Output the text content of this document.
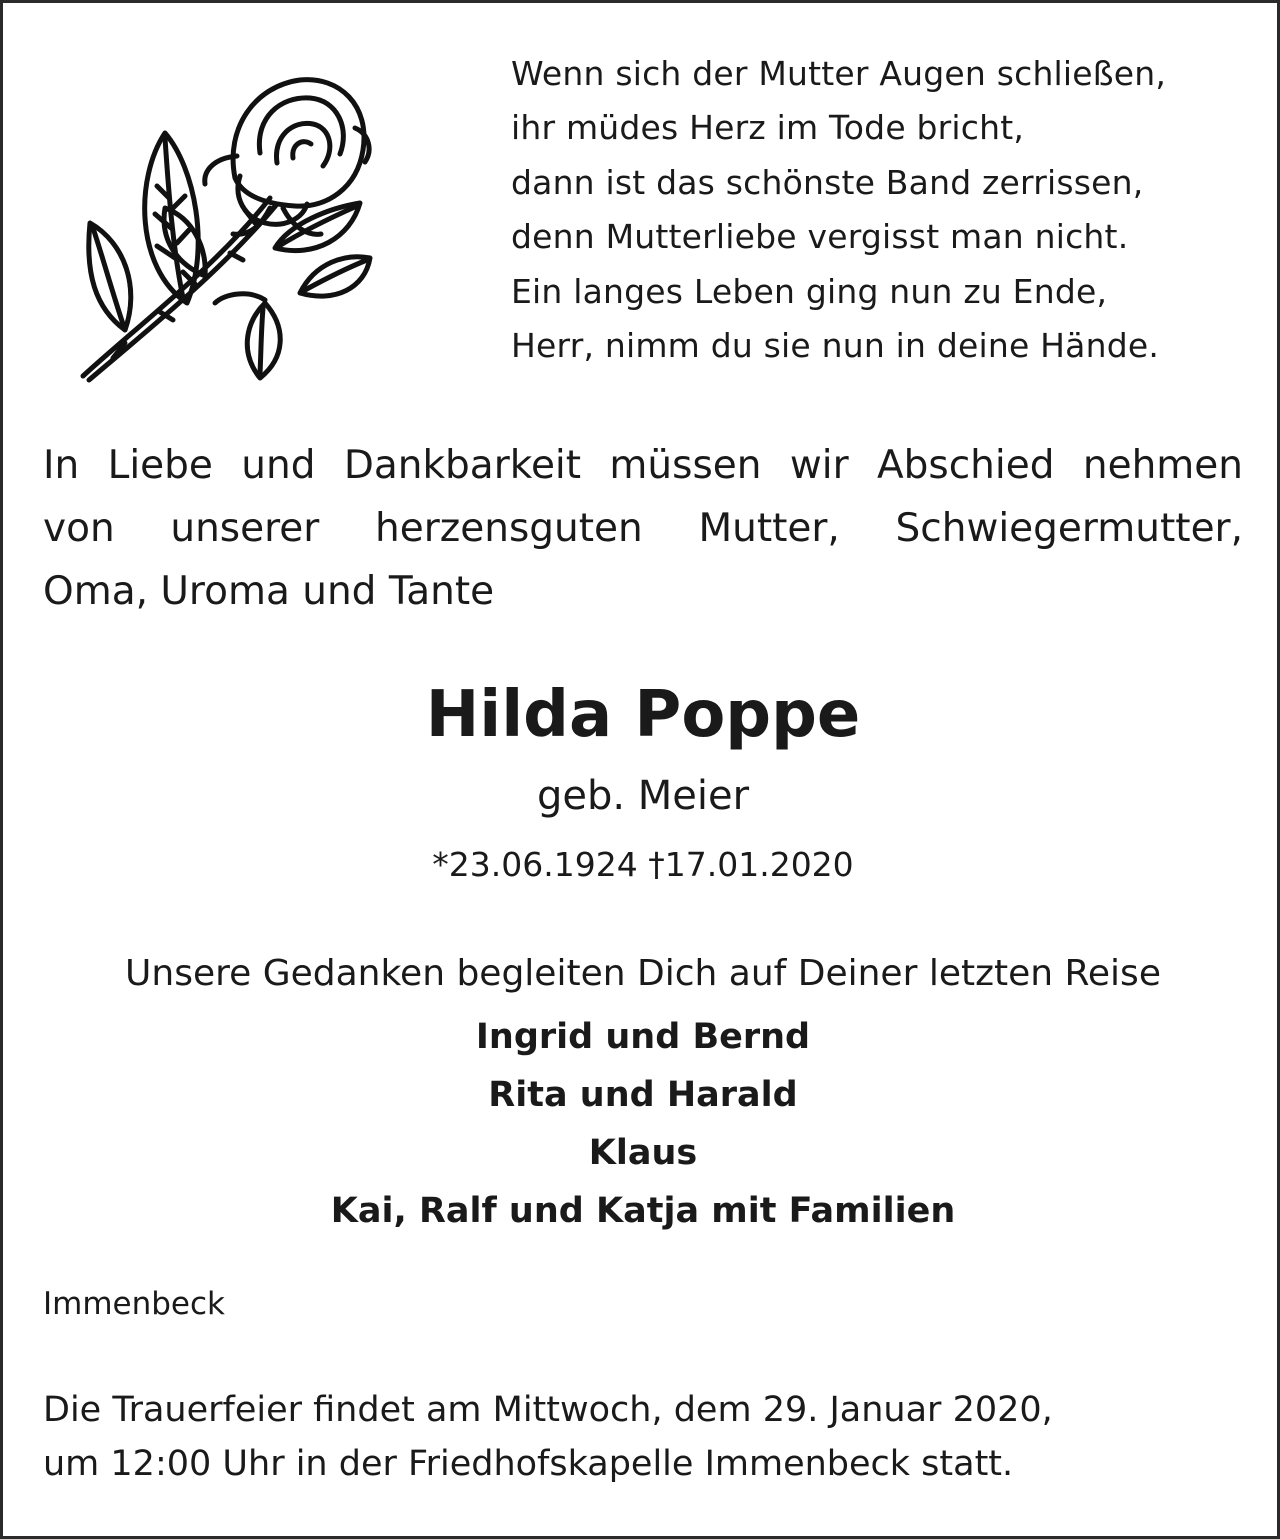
Wenn sich der Mutter Augen schließen,
ihr müdes Herz im Tode bricht,
dann ist das schönste Band zerrissen,
denn Mutterliebe vergisst man nicht.
Ein langes Leben ging nun zu Ende,
Herr, nimm du sie nun in deine Hände.
In Liebe und Dankbarkeit müssen wir Abschied nehmen
von unserer herzensguten Mutter, Schwiegermutter,
Oma, Uroma und Tante
Hilda Poppe
geb. Meier
*23.06.1924 †17.01.2020
Unsere Gedanken begleiten Dich auf Deiner letzten Reise
Ingrid und Bernd
Rita und Harald
Klaus
Kai, Ralf und Katja mit Familien
Immenbeck
Die Trauerfeier findet am Mittwoch, dem 29. Januar 2020,
um 12:00 Uhr in der Friedhofskapelle Immenbeck statt.
